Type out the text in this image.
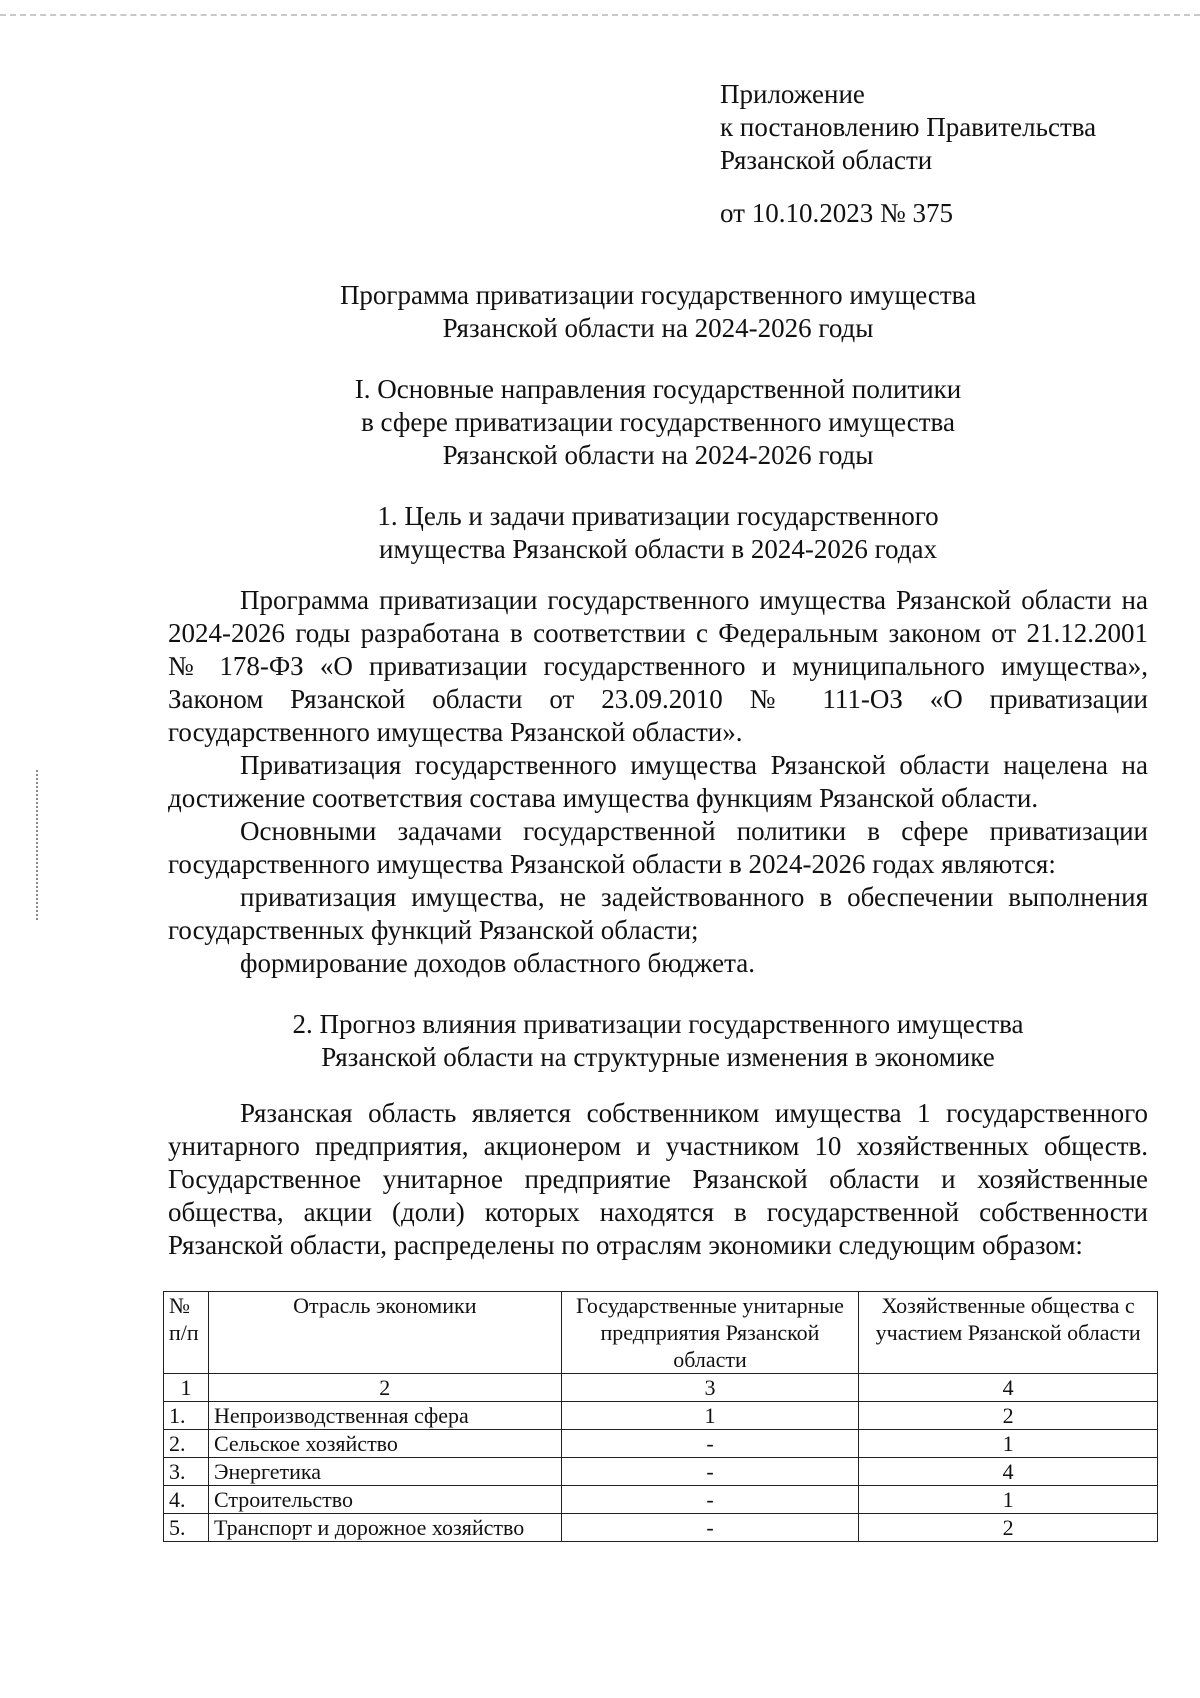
Приложение
к постановлению Правительства
Рязанской области
от 10.10.2023 № 375
Программа приватизации государственного имущества
Рязанской области на 2024-2026 годы
I. Основные направления государственной политики
в сфере приватизации государственного имущества
Рязанской области на 2024-2026 годы
1. Цель и задачи приватизации государственного
имущества Рязанской области в 2024-2026 годах

Программа приватизации государственного имущества Рязанской области на 2024-2026 годы разработана в соответствии с Федеральным законом от 21.12.2001 № 178-ФЗ «О приватизации государственного и муниципального имущества», Законом Рязанской области от 23.09.2010 № 111-ОЗ «О приватизации государственного имущества Рязанской области».

Приватизация государственного имущества Рязанской области нацелена на достижение соответствия состава имущества функциям Рязанской области.

Основными задачами государственной политики в сфере приватизации государственного имущества Рязанской области в 2024-2026 годах являются:

приватизация имущества, не задействованного в обеспечении выполнения государственных функций Рязанской области;

формирование доходов областного бюджета.

2. Прогноз влияния приватизации государственного имущества
Рязанской области на структурные изменения в экономике

Рязанская область является собственником имущества 1 государственного унитарного предприятия, акционером и участником 10 хозяйственных обществ. Государственное унитарное предприятие Рязанской области и хозяйственные общества, акции (доли) которых находятся в государственной собственности Рязанской области, распределены по отраслям экономики следующим образом:

№ п/п	Отрасль экономики	Государственные унитарные предприятия Рязанской области	Хозяйственные общества с участием Рязанской области
1	2	3	4
1.	Непроизводственная сфера	1	2
2.	Сельское хозяйство	-	1
3.	Энергетика	-	4
4.	Строительство	-	1
5.	Транспорт и дорожное хозяйство	-	2
